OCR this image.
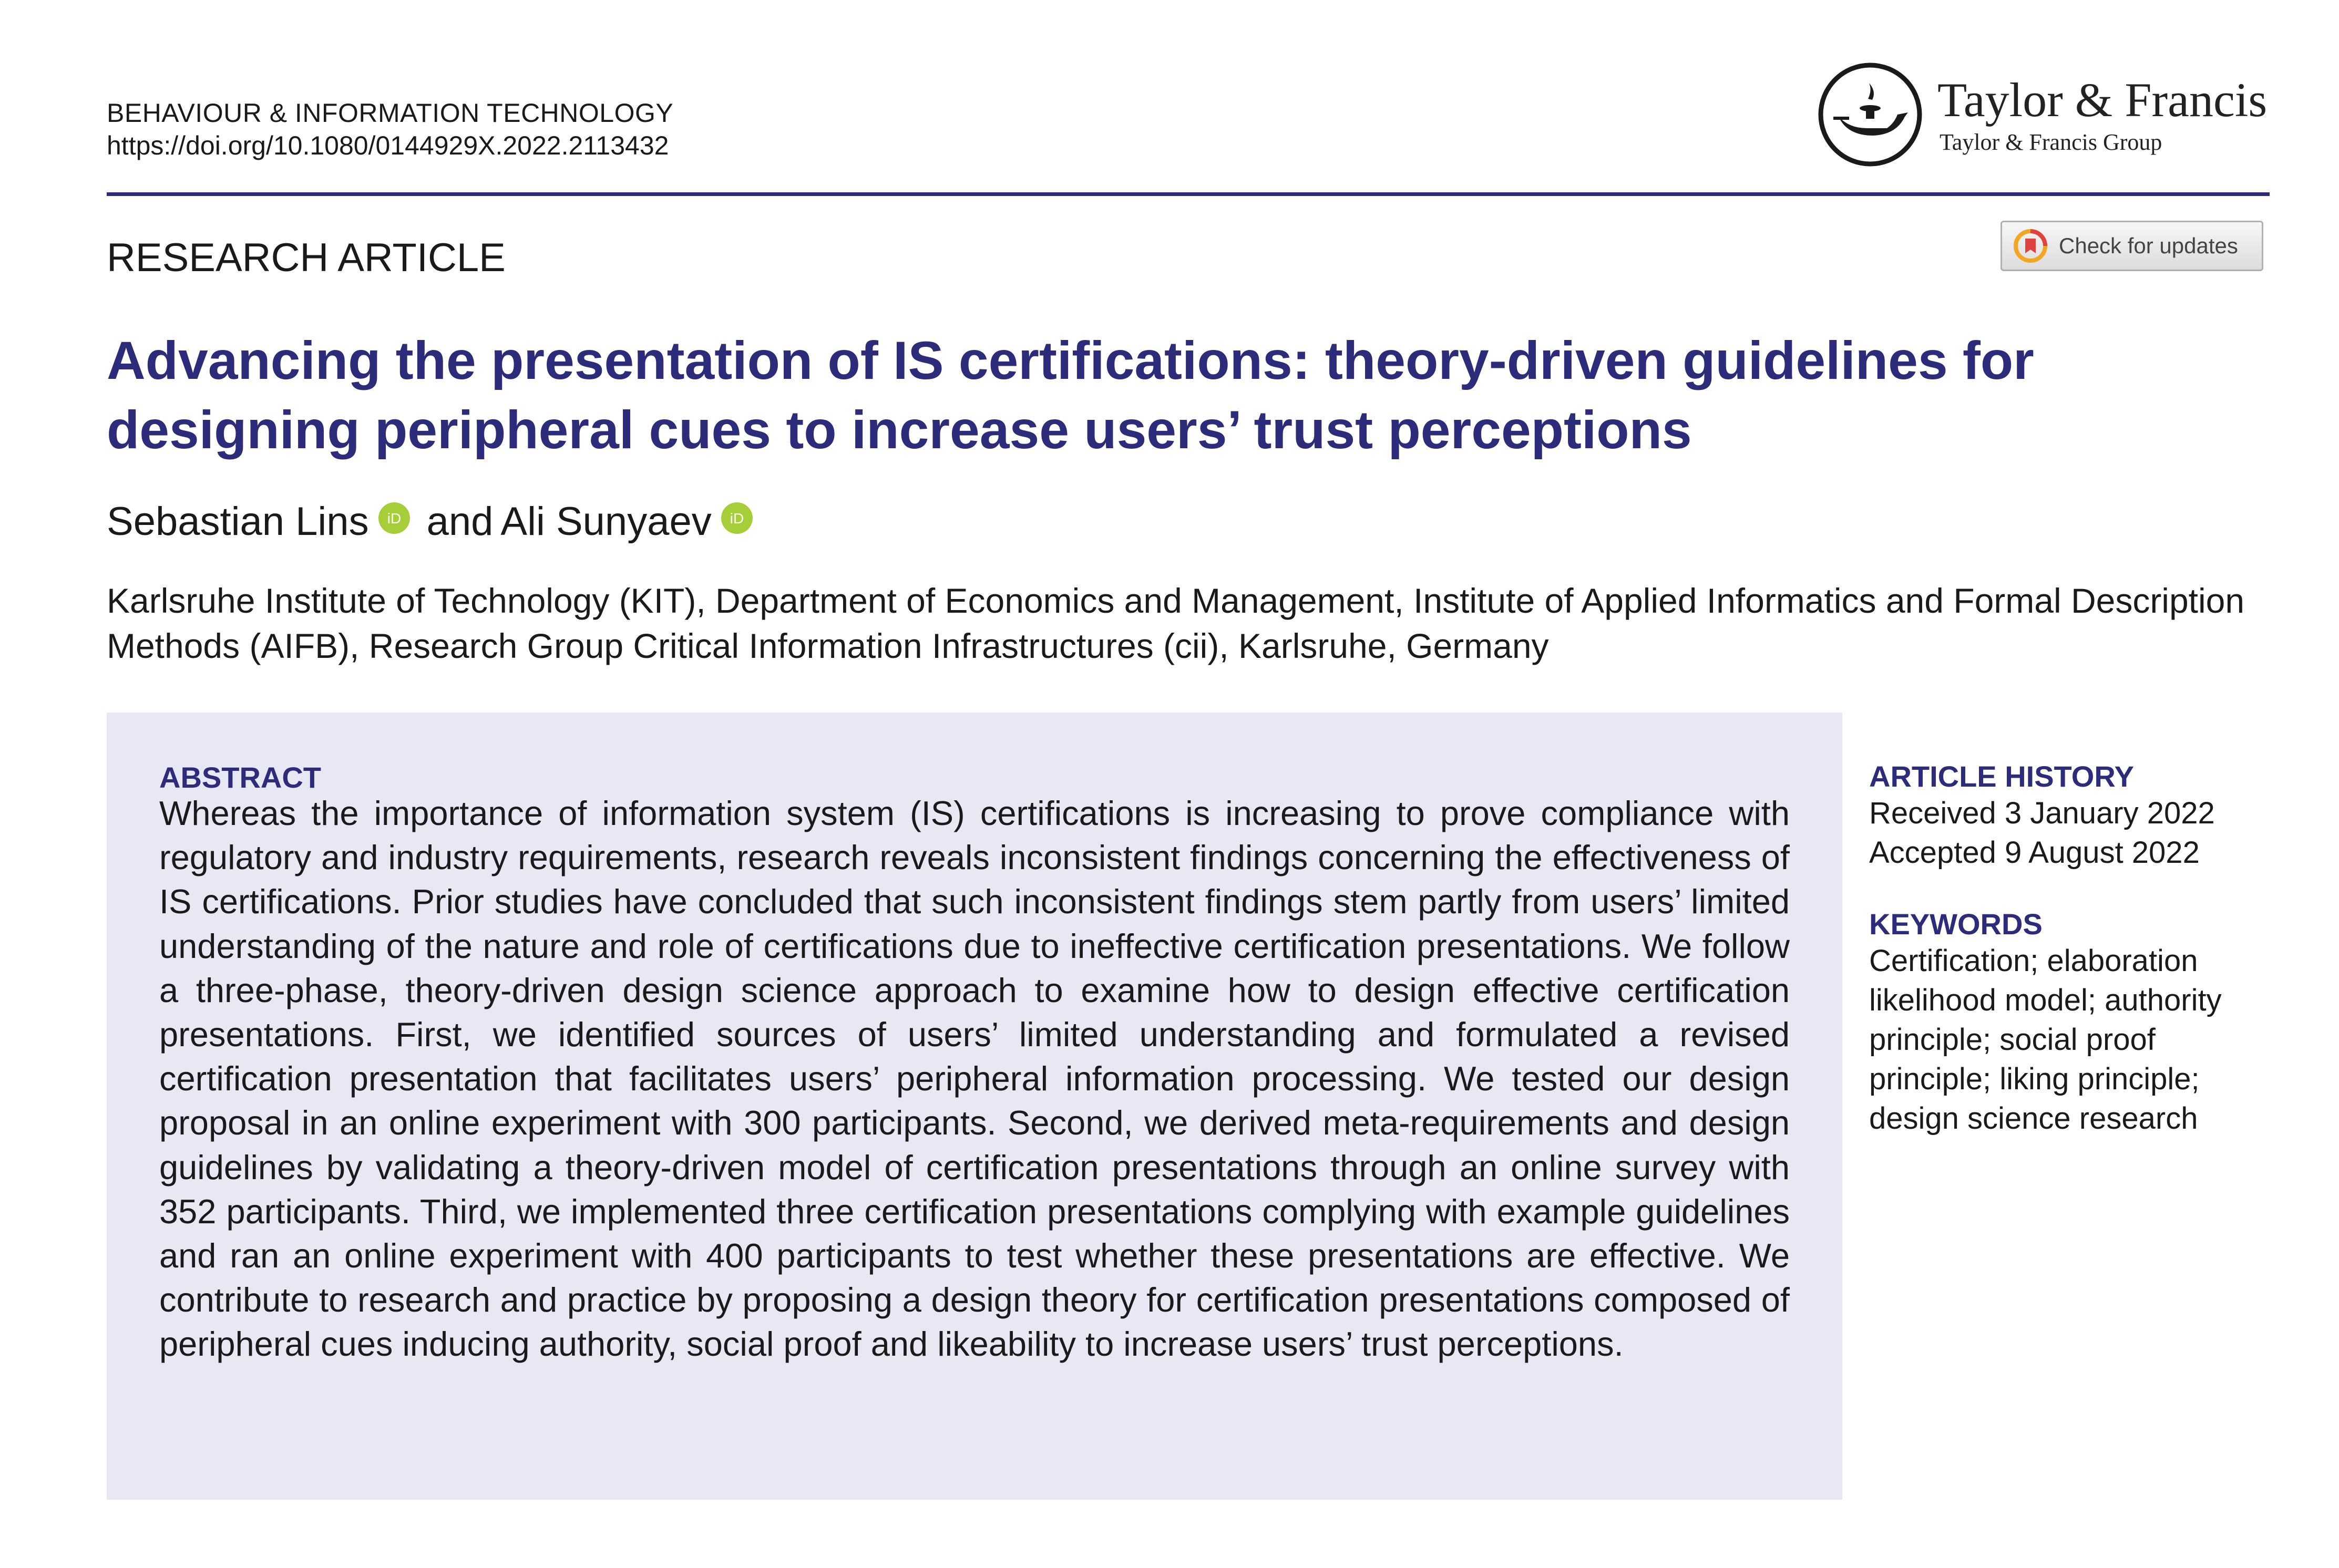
BEHAVIOUR & INFORMATION TECHNOLOGY
https://doi.org/10.1080/0144929X.2022.2113432
Taylor & Francis
Taylor & Francis Group
RESEARCH ARTICLE	Check for updates
Advancing the presentation of IS certifications: theory-driven guidelines for designing peripheral cues to increase users’ trust perceptions
Sebastian Lins iD and Ali Sunyaev iD
Karlsruhe Institute of Technology (KIT), Department of Economics and Management, Institute of Applied Informatics and Formal Description Methods (AIFB), Research Group Critical Information Infrastructures (cii), Karlsruhe, Germany
ABSTRACT
Whereas the importance of information system (IS) certifications is increasing to prove compliance with regulatory and industry requirements, research reveals inconsistent findings concerning the effectiveness of IS certifications. Prior studies have concluded that such inconsistent findings stem partly from users’ limited understanding of the nature and role of certifications due to ineffective certification presentations. We follow a three-phase, theory-driven design science approach to examine how to design effective certification presentations. First, we identified sources of users’ limited understanding and formulated a revised certification presentation that facilitates users’ peripheral information processing. We tested our design proposal in an online experiment with 300 participants. Second, we derived meta-requirements and design guidelines by validating a theory-driven model of certification presentations through an online survey with 352 participants. Third, we implemented three certification presentations complying with example guidelines and ran an online experiment with 400 participants to test whether these presentations are effective. We contribute to research and practice by proposing a design theory for certification presentations composed of peripheral cues inducing authority, social proof and likeability to increase users’ trust perceptions.
ARTICLE HISTORY
Received 3 January 2022
Accepted 9 August 2022
KEYWORDS
Certification; elaboration likelihood model; authority principle; social proof principle; liking principle; design science research
